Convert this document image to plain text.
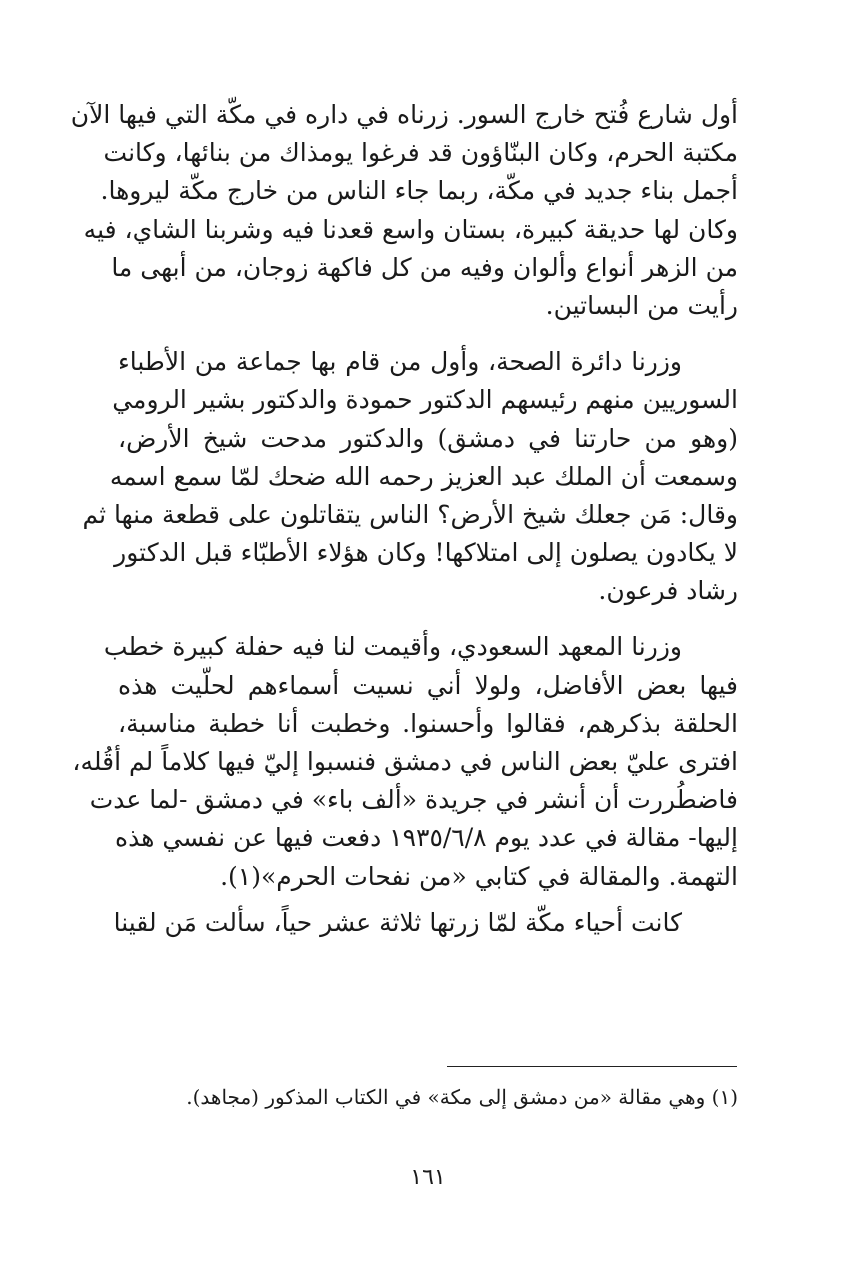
أول شارع فُتح خارج السور. زرناه في داره في مكّة التي فيها الآن
مكتبة الحرم، وكان البنّاؤون قد فرغوا يومذاك من بنائها، وكانت
أجمل بناء جديد في مكّة، ربما جاء الناس من خارج مكّة ليروها.
وكان لها حديقة كبيرة، بستان واسع قعدنا فيه وشربنا الشاي، فيه
من الزهر أنواع وألوان وفيه من كل فاكهة زوجان، من أبهى ما
رأيت من البساتين.
وزرنا دائرة الصحة، وأول من قام بها جماعة من الأطباء
السوريين منهم رئيسهم الدكتور حمودة والدكتور بشير الرومي
(وهو من حارتنا في دمشق) والدكتور مدحت شيخ الأرض،
وسمعت أن الملك عبد العزيز رحمه الله ضحك لمّا سمع اسمه
وقال: مَن جعلك شيخ الأرض؟ الناس يتقاتلون على قطعة منها ثم
لا يكادون يصلون إلى امتلاكها! وكان هؤلاء الأطبّاء قبل الدكتور
رشاد فرعون.
وزرنا المعهد السعودي، وأقيمت لنا فيه حفلة كبيرة خطب
فيها بعض الأفاضل، ولولا أني نسيت أسماءهم لحلّيت هذه
الحلقة بذكرهم، فقالوا وأحسنوا. وخطبت أنا خطبة مناسبة،
افترى عليّ بعض الناس في دمشق فنسبوا إليّ فيها كلاماً لم أقُله،
فاضطُررت أن أنشر في جريدة «ألف باء» في دمشق -لما عدت
إليها- مقالة في عدد يوم ١٩٣٥/٦/٨ دفعت فيها عن نفسي هذه
التهمة. والمقالة في كتابي «من نفحات الحرم»(١).
كانت أحياء مكّة لمّا زرتها ثلاثة عشر حياً، سألت مَن لقينا
(١) وهي مقالة «من دمشق إلى مكة» في الكتاب المذكور (مجاهد).
١٦١
